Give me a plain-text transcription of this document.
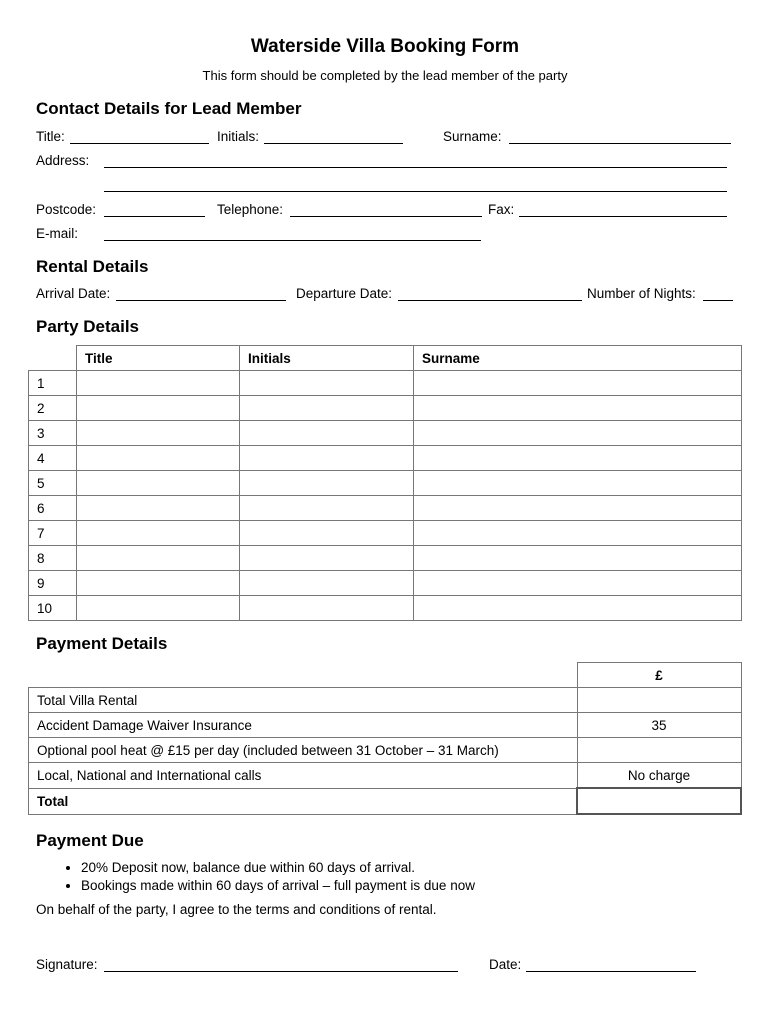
Waterside Villa Booking Form
This form should be completed by the lead member of the party
Contact Details for Lead Member
Title:	Initials:	Surname:
Address:
Postcode:	Telephone:	Fax:
E-mail:
Rental Details
Arrival Date:	Departure Date:	Number of Nights:
Party Details
	Title	Initials	Surname
1			
2			
3			
4			
5			
6			
7			
8			
9			
10			
Payment Details
	£
Total Villa Rental	
Accident Damage Waiver Insurance	35
Optional pool heat @ £15 per day (included between 31 October – 31 March)	
Local, National and International calls	No charge
Total	
Payment Due
• 20% Deposit now, balance due within 60 days of arrival.
• Bookings made within 60 days of arrival – full payment is due now
On behalf of the party, I agree to the terms and conditions of rental.
Signature:	Date:
